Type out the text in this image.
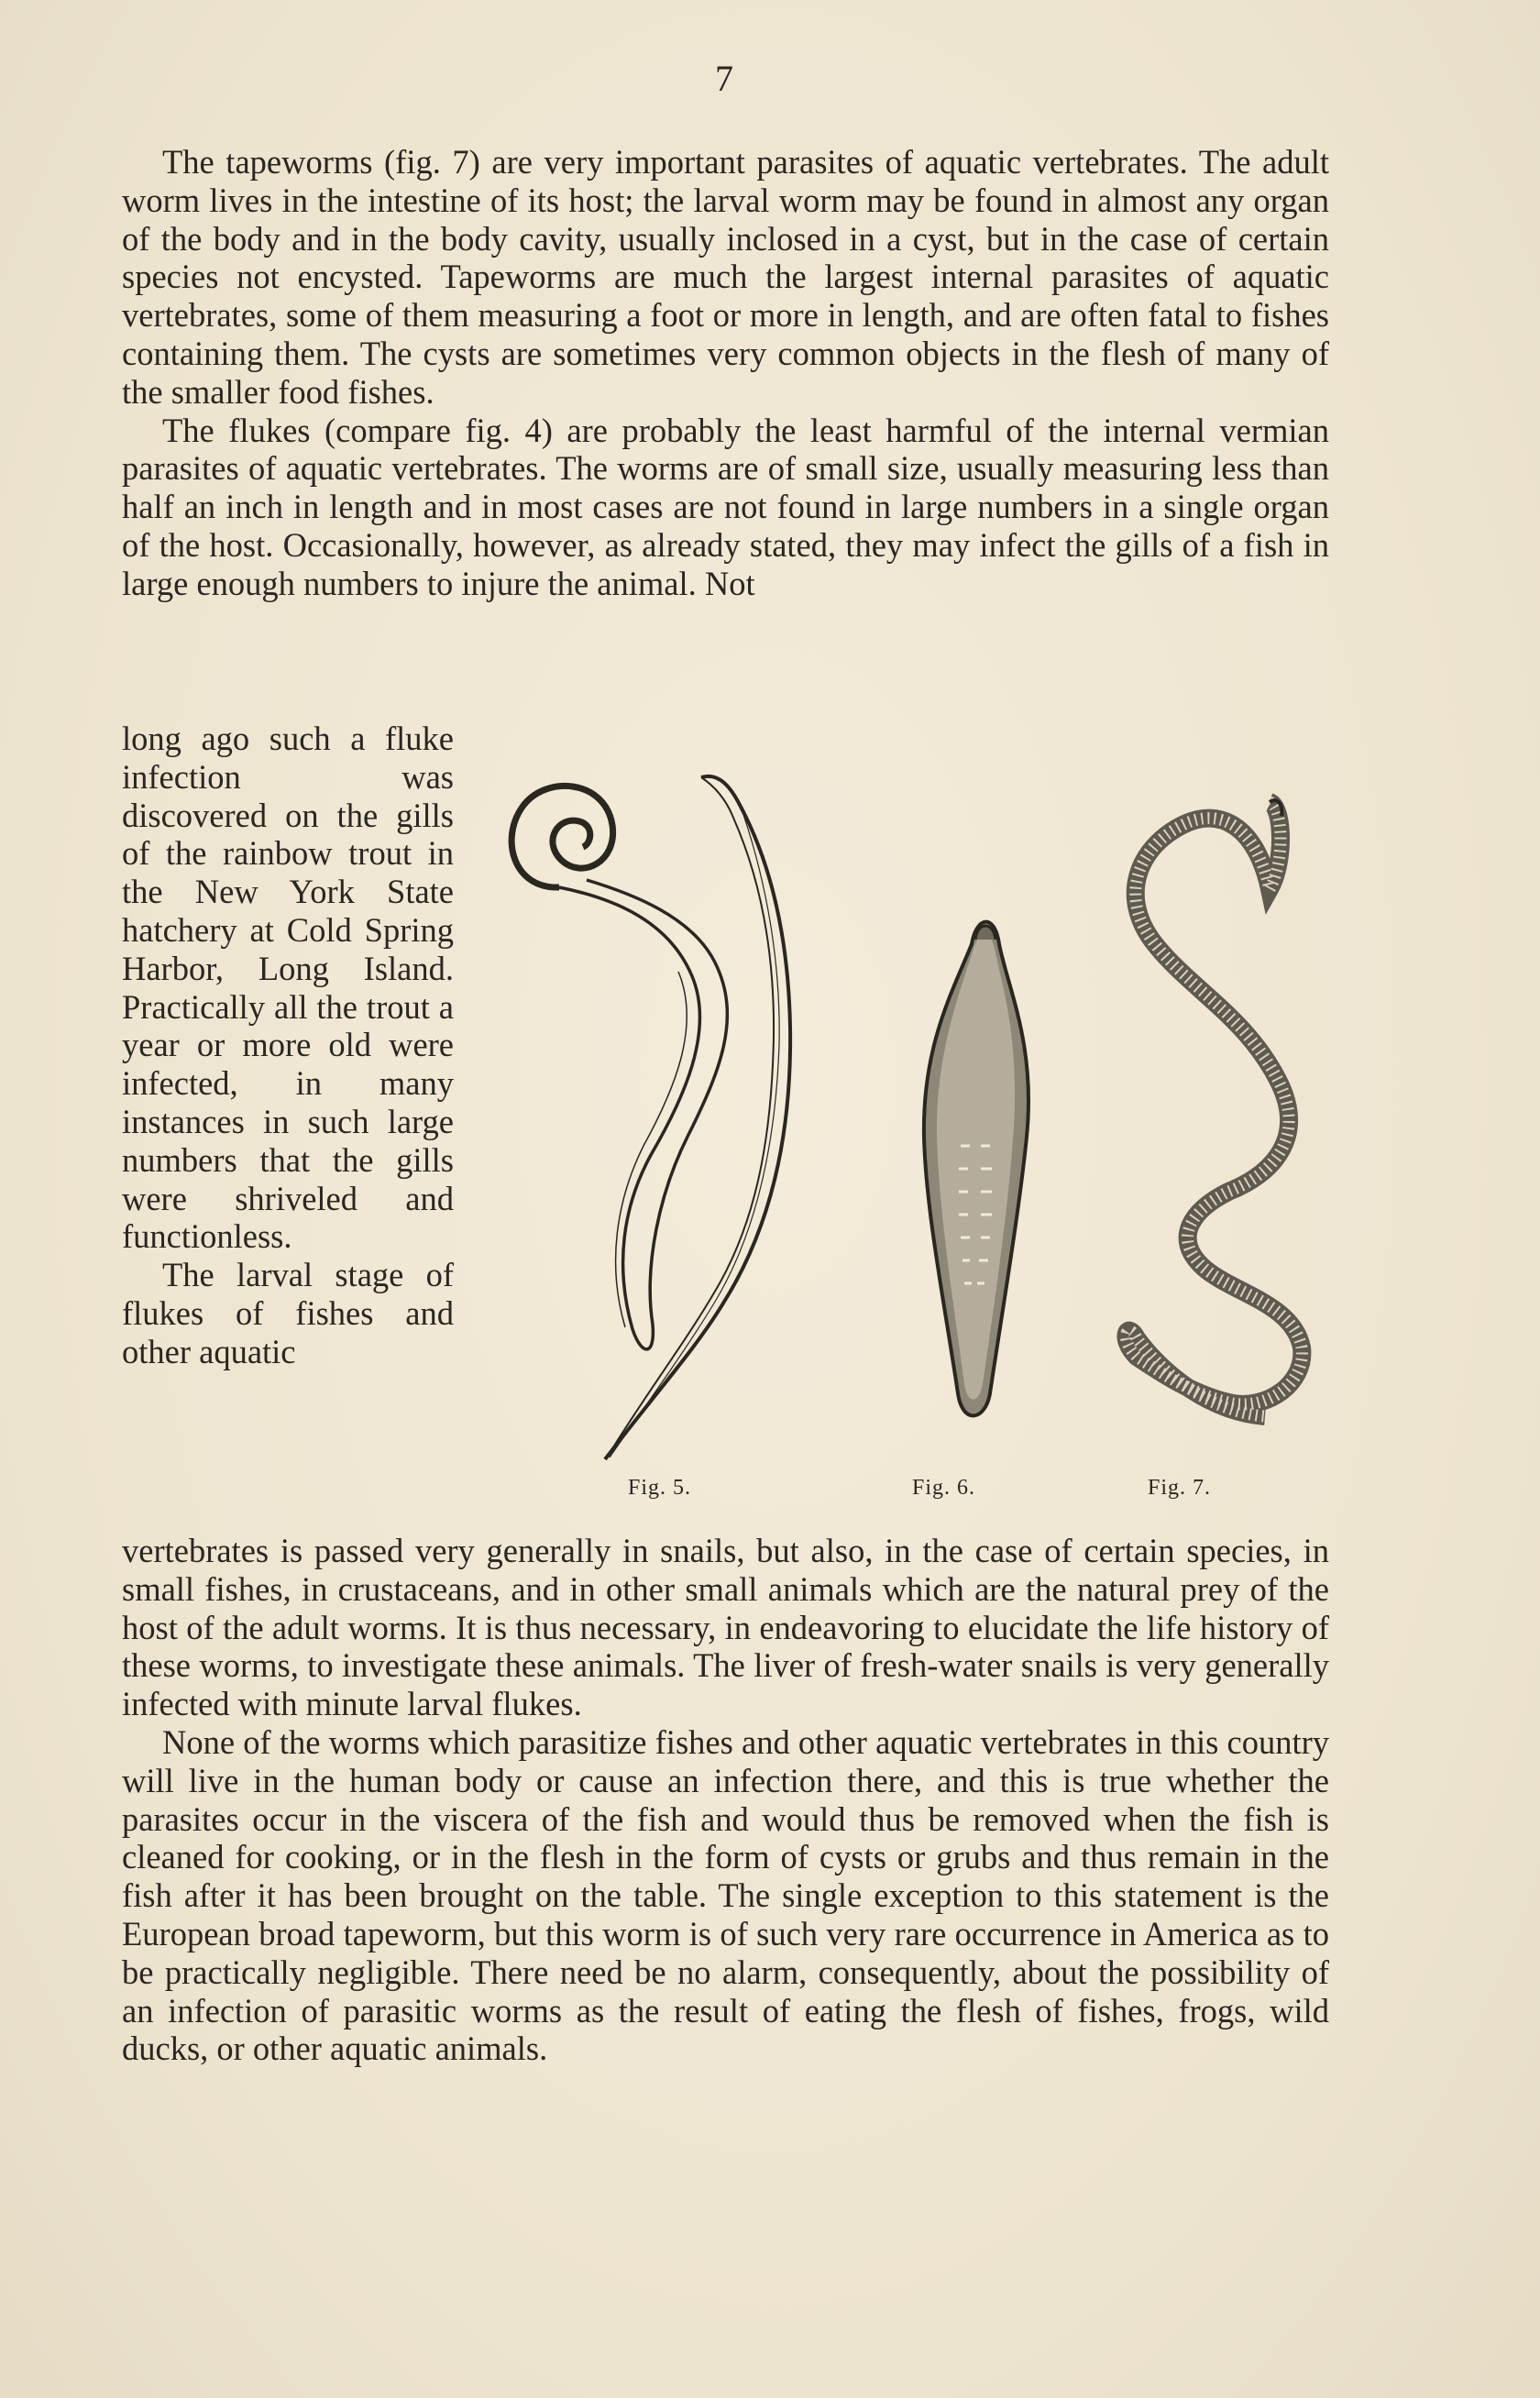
7

The tapeworms (fig. 7) are very important parasites of aquatic vertebrates. The adult worm lives in the intestine of its host; the larval worm may be found in almost any organ of the body and in the body cavity, usually inclosed in a cyst, but in the case of certain species not encysted. Tapeworms are much the largest internal parasites of aquatic vertebrates, some of them measuring a foot or more in length, and are often fatal to fishes containing them. The cysts are sometimes very common objects in the flesh of many of the smaller food fishes.

The flukes (compare fig. 4) are probably the least harmful of the internal vermian parasites of aquatic vertebrates. The worms are of small size, usually measuring less than half an inch in length and in most cases are not found in large numbers in a single organ of the host. Occasionally, however, as already stated, they may infect the gills of a fish in large enough numbers to injure the animal. Not

long ago such a fluke infection was discovered on the gills of the rainbow trout in the New York State hatchery at Cold Spring Harbor, Long Island. Practically all the trout a year or more old were infected, in many instances in such large numbers that the gills were shriveled and functionless.

The larval stage of flukes of fishes and other aquatic

Fig. 5.	Fig. 6.	Fig. 7.

vertebrates is passed very generally in snails, but also, in the case of certain species, in small fishes, in crustaceans, and in other small animals which are the natural prey of the host of the adult worms. It is thus necessary, in endeavoring to elucidate the life history of these worms, to investigate these animals. The liver of fresh-water snails is very generally infected with minute larval flukes.

None of the worms which parasitize fishes and other aquatic vertebrates in this country will live in the human body or cause an infection there, and this is true whether the parasites occur in the viscera of the fish and would thus be removed when the fish is cleaned for cooking, or in the flesh in the form of cysts or grubs and thus remain in the fish after it has been brought on the table. The single exception to this statement is the European broad tapeworm, but this worm is of such very rare occurrence in America as to be practically negligible. There need be no alarm, consequently, about the possibility of an infection of parasitic worms as the result of eating the flesh of fishes, frogs, wild ducks, or other aquatic animals.
